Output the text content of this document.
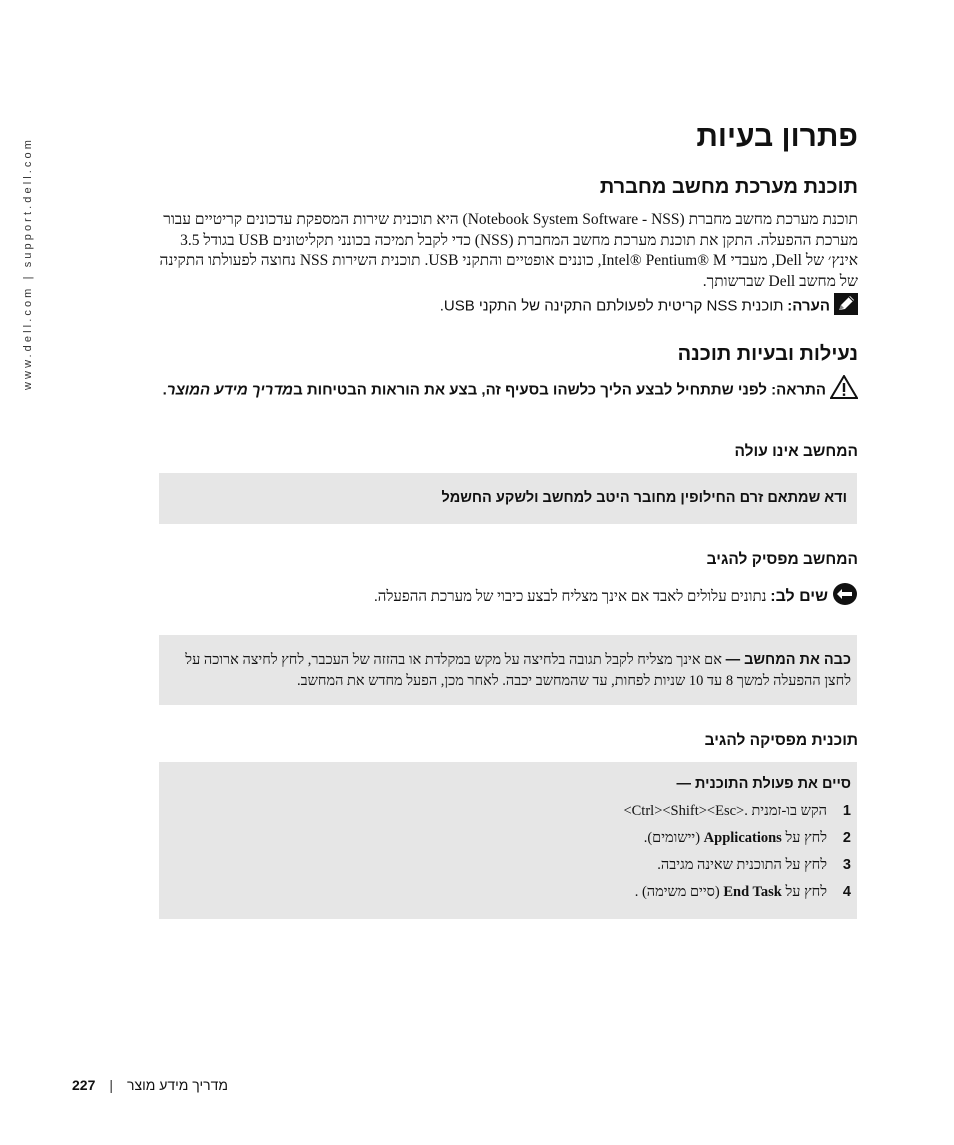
www.dell.com | support.dell.com
פתרון בעיות
תוכנת מערכת מחשב מחברת

תוכנת מערכת מחשב מחברת (Notebook System Software - NSS) היא תוכנית שירות המספקת עדכונים קריטיים עבור מערכת ההפעלה. התקן את תוכנת מערכת מחשב המחברת (NSS) כדי לקבל תמיכה בכונני תקליטונים USB בגודל 3.5 אינץ׳ של Dell, מעבדי Intel® Pentium® M, כוננים אופטיים והתקני USB. תוכנית השירות NSS נחוצה לפעולתו התקינה של מחשב Dell שברשותך.

הערה: תוכנית NSS קריטית לפעולתם התקינה של התקני USB.
נעילות ובעיות תוכנה
התראה: לפני שתתחיל לבצע הליך כלשהו בסעיף זה, בצע את הוראות הבטיחות במדריך מידע המוצר.
המחשב אינו עולה
ודא שמתאם זרם החילופין מחובר היטב למחשב ולשקע החשמל
המחשב מפסיק להגיב
שים לב: נתונים עלולים לאבד אם אינך מצליח לבצע כיבוי של מערכת ההפעלה.
כבה את המחשב — אם אינך מצליח לקבל תגובה בלחיצה על מקש במקלדת או בהזזה של העכבר, לחץ לחיצה ארוכה על לחצן ההפעלה למשך 8 עד 10 שניות לפחות, עד שהמחשב יכבה. לאחר מכן, הפעל מחדש את המחשב.
תוכנית מפסיקה להגיב
סיים את פעולת התוכנית —
1
הקש בו-זמנית <Ctrl><Shift><Esc>.
2
לחץ על Applications (יישומים).
3
לחץ על התוכנית שאינה מגיבה.
4
לחץ על End Task (סיים משימה) .
227 | מדריך מידע מוצר
